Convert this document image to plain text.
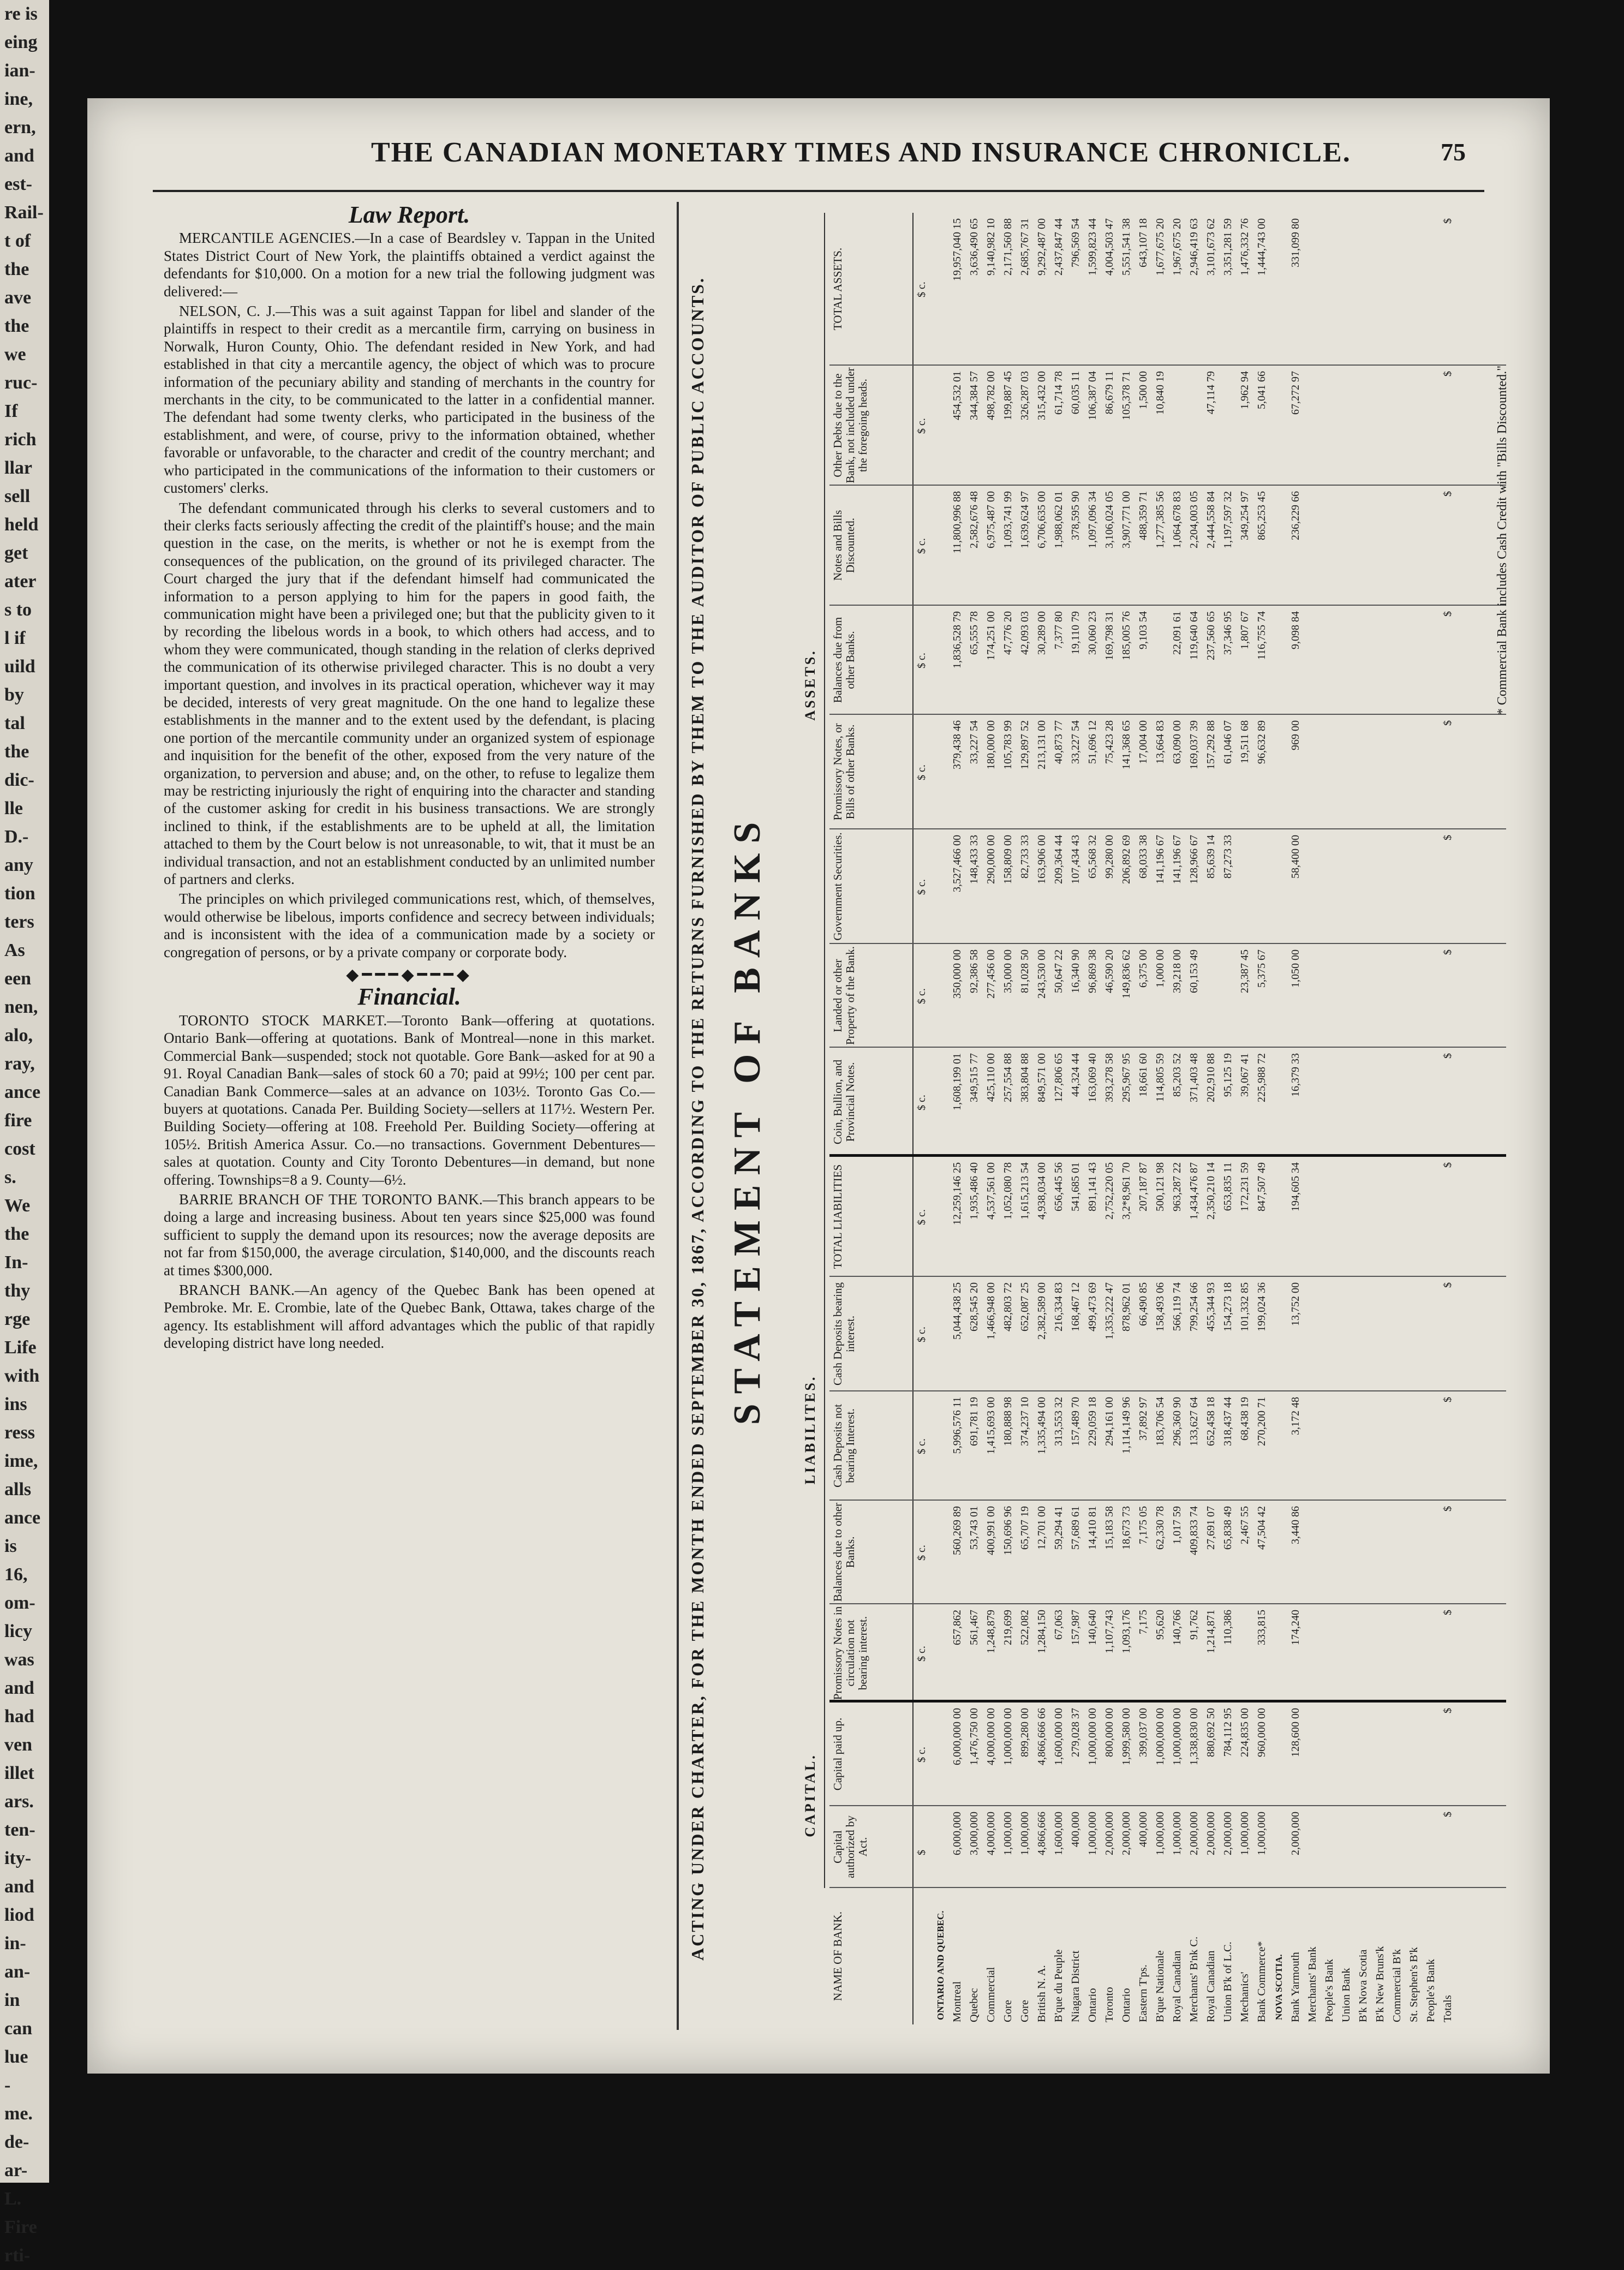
re is
eing
ian-
ine,
ern,
and
est-
Rail-
t of
the
ave
the
we
ruc-
If
rich
llar
sell
held
get
ater
s to
l if
uild
by
tal
the
dic-
lle
D.-
any
tion
ters
As
een
nen,
alo,
ray,
ance
fire
cost
s.
We
the
In-
thy
rge
Life
with
ins
ress
ime,
alls
ance
is
16,
om-
licy
was
and
had
ven
illet
ars.
ten-
ity-
and
liod
in-
an-
in
can
lue
-
me.
de-
ar-
L.
Fire
rti-
THE CANADIAN MONETARY TIMES AND INSURANCE CHRONICLE.	75
Law Report.

MERCANTILE AGENCIES.—In a case of Beardsley v. Tappan in the United States District Court of New York, the plaintiffs obtained a verdict against the defendants for $10,000. On a motion for a new trial the following judgment was delivered:—

NELSON, C. J.—This was a suit against Tappan for libel and slander of the plaintiffs in respect to their credit as a mercantile firm, carrying on business in Norwalk, Huron County, Ohio. The defendant resided in New York, and had established in that city a mercantile agency, the object of which was to procure information of the pecuniary ability and standing of merchants in the country for merchants in the city, to be communicated to the latter in a confidential manner. The defendant had some twenty clerks, who participated in the business of the establishment, and were, of course, privy to the information obtained, whether favorable or unfavorable, to the character and credit of the country merchant; and who participated in the communications of the information to their customers or customers' clerks.

The defendant communicated through his clerks to several customers and to their clerks facts seriously affecting the credit of the plaintiff's house; and the main question in the case, on the merits, is whether or not he is exempt from the consequences of the publication, on the ground of its privileged character. The Court charged the jury that if the defendant himself had communicated the information to a person applying to him for the papers in good faith, the communication might have been a privileged one; but that the publicity given to it by recording the libelous words in a book, to which others had access, and to whom they were communicated, though standing in the relation of clerks deprived the communication of its otherwise privileged character. This is no doubt a very important question, and involves in its practical operation, whichever way it may be decided, interests of very great magnitude. On the one hand to legalize these establishments in the manner and to the extent used by the defendant, is placing one portion of the mercantile community under an organized system of espionage and inquisition for the benefit of the other, exposed from the very nature of the organization, to perversion and abuse; and, on the other, to refuse to legalize them may be restricting injuriously the right of enquiring into the character and standing of the customer asking for credit in his business transactions. We are strongly inclined to think, if the establishments are to be upheld at all, the limitation attached to them by the Court below is not unreasonable, to wit, that it must be an individual transaction, and not an establishment conducted by an unlimited number of partners and clerks.

The principles on which privileged communications rest, which, of themselves, would otherwise be libelous, imports confidence and secrecy between individuals; and is inconsistent with the idea of a communication made by a society or congregation of persons, or by a private company or corporate body.

◆━━━◆━━━◆
Financial.

TORONTO STOCK MARKET.—Toronto Bank—offering at quotations. Ontario Bank—offering at quotations. Bank of Montreal—none in this market. Commercial Bank—suspended; stock not quotable. Gore Bank—asked for at 90 a 91. Royal Canadian Bank—sales of stock 60 a 70; paid at 99½; 100 per cent par. Canadian Bank Commerce—sales at an advance on 103½. Toronto Gas Co.—buyers at quotations. Canada Per. Building Society—sellers at 117½. Western Per. Building Society—offering at 108. Freehold Per. Building Society—offering at 105½. British America Assur. Co.—no transactions. Government Debentures—sales at quotation. County and City Toronto Debentures—in demand, but none offering. Townships=8 a 9. County—6½.

BARRIE BRANCH OF THE TORONTO BANK.—This branch appears to be doing a large and increasing business. About ten years since $25,000 was found sufficient to supply the demand upon its resources; now the average deposits are not far from $150,000, the average circulation, $140,000, and the discounts reach at times $300,000.

BRANCH BANK.—An agency of the Quebec Bank has been opened at Pembroke. Mr. E. Crombie, late of the Quebec Bank, Ottawa, takes charge of the agency. Its establishment will afford advantages which the public of that rapidly developing district have long needed.	ACTING UNDER CHARTER, FOR THE MONTH ENDED SEPTEMBER 30, 1867, ACCORDING TO THE RETURNS FURNISHED BY THEM TO THE AUDITOR OF PUBLIC ACCOUNTS. STATEMENT OF BANKS
CAPITAL.
LIABILITES.
ASSETS.
NAME OF BANK.
Capital authorized by Act.
Capital paid up.
Promissory Notes in circulation not bearing interest.
Balances due to other Banks.
Cash Deposits not bearing Interest.
Cash Deposits bearing interest.
TOTAL LIABILITIES
Coin, Bullion, and Provincial Notes.
Landed or other Property of the Bank.
Government Securities.
Promissory Notes, or Bills of other Banks.
Balances due from other Banks.
Notes and Bills Discounted.
Other Debts due to the Bank, not included under the foregoing heads.
TOTAL ASSETS.
$
$ c.
$ c.
$ c.
$ c.
$ c.
$ c.
$ c.
$ c.
$ c.
$ c.
$ c.
$ c.
$ c.
$ c.
ONTARIO AND QUEBEC. Montreal
6,000,000
6,000,000 00
657,862
560,269 89
5,996,576 11
5,044,438 25
12,259,146 25
1,608,199 01
350,000 00
3,527,466 00
379,438 46
1,836,528 79
11,800,996 88
454,532 01
19,957,040 15
Quebec
3,000,000
1,476,750 00
561,467
53,743 01
691,781 19
628,545 20
1,935,486 40
349,515 77
92,386 58
148,433 33
33,227 54
65,555 78
2,582,676 48
344,384 57
3,636,490 65
Commercial
4,000,000
4,000,000 00
1,248,879
400,991 00
1,415,693 00
1,466,948 00
4,537,561 00
425,110 00
277,456 00
290,000 00
180,000 00
174,251 00
6,975,487 00
498,782 00
9,140,982 10
Gore
1,000,000
1,000,000 00
219,699
150,696 96
180,888 98
482,803 72
1,052,080 78
257,554 88
35,000 00
158,809 00
105,783 99
47,776 20
1,093,741 99
199,887 45
2,171,560 88
Gore
1,000,000
899,280 00
522,082
65,707 19
374,237 10
652,087 25
1,615,213 54
383,804 88
81,028 50
82,733 33
129,897 52
42,093 03
1,639,624 97
326,287 03
2,685,767 31
British N. A.
4,866,666
4,866,666 66
1,284,150
12,701 00
1,335,494 00
2,382,589 00
4,938,034 00
849,571 00
243,530 00
163,906 00
213,131 00
30,289 00
6,706,635 00
315,432 00
9,292,487 00
B'que du Peuple
1,600,000
1,600,000 00
67,063
59,294 41
313,553 32
216,334 83
656,445 56
127,806 65
50,647 22
209,364 44
40,873 77
7,377 80
1,988,062 01
61,714 78
2,437,847 44
Niagara District
400,000
279,028 37
157,987
57,689 61
157,489 70
168,467 12
541,685 01
44,324 44
16,340 90
107,434 43
33,227 54
19,110 79
378,595 90
60,035 11
796,569 54
Ontario
1,000,000
1,000,000 00
140,640
14,410 81
229,059 18
499,473 69
891,141 43
163,069 40
96,869 38
65,568 32
51,696 12
30,060 23
1,097,096 34
106,387 04
1,599,823 44
Toronto
2,000,000
800,000 00
1,107,743
15,183 58
294,161 00
1,335,222 47
2,752,220 05
393,278 58
46,590 20
99,280 00
75,423 28
169,798 31
3,106,024 05
86,679 11
4,004,503 47
Ontario
2,000,000
1,999,580 00
1,093,176
18,673 73
1,114,149 96
878,962 01
3,2*8,961 70
295,967 95
149,836 62
206,892 69
141,368 65
185,005 76
3,907,771 00
105,378 71
5,551,541 38
Eastern T'ps.
400,000
399,037 00
7,175
7,175 05
37,892 97
66,490 85
207,187 87
18,661 60
6,375 00
68,033 38
17,004 00
9,103 54
488,359 71
1,500 00
643,107 18
B'que Nationale
1,000,000
1,000,000 00
95,620
62,330 78
183,706 54
158,493 06
500,121 98
114,805 59
1,000 00
141,196 67
13,664 83
1,277,385 56
10,840 19
1,677,675 20
Royal Canadian
1,000,000
1,000,000 00
140,766
1,017 59
296,360 90
566,119 74
963,287 22
85,203 52
39,218 00
141,196 67
63,090 00
22,091 61
1,064,678 83
1,967,675 20
Merchants' B'nk C.
2,000,000
1,338,830 00
91,762
409,833 74
133,627 64
799,254 66
1,434,476 87
371,403 48
60,153 49
128,966 67
169,037 39
119,640 64
2,204,003 05
2,946,419 63
Royal Canadian
2,000,000
880,692 50
1,214,871
27,691 07
652,458 18
455,344 93
2,350,210 14
202,910 88
85,639 14
157,292 88
237,560 65
2,444,558 84
47,114 79
3,101,673 62
Union B'k of L.C.
2,000,000
784,112 95
110,386
65,838 49
318,437 44
154,273 18
653,835 11
95,125 19
87,273 33
61,046 07
37,346 95
1,197,597 32
3,351,281 59
Mechanics'
1,000,000
224,835 00
2,467 55
68,438 19
101,332 85
172,231 59
39,067 41
23,387 45
19,511 68
1,807 67
349,254 97
1,962 94
1,476,332 76
Bank Commerce*
1,000,000
960,000 00
333,815
47,504 42
270,200 71
199,024 36
847,507 49
225,988 72
5,375 67
96,632 89
116,755 74
865,253 45
5,041 66
1,444,743 00
NOVA SCOTIA. Bank Yarmouth
2,000,000
128,600 00
174,240
3,440 86
3,172 48
13,752 00
194,605 34
16,379 33
1,050 00
58,400 00
969 00
9,098 84
236,229 66
67,272 97
331,099 80
Merchants' Bank People's Bank Union Bank B'k Nova Scotia B'k New Bruns'k Commercial B'k St. Stephen's B'k People's Bank Totals
$
$
$
$
$
$
$
$
$
$
$
$
$
$
$
* Commercial Bank includes Cash Credit with "Bills Discounted."
